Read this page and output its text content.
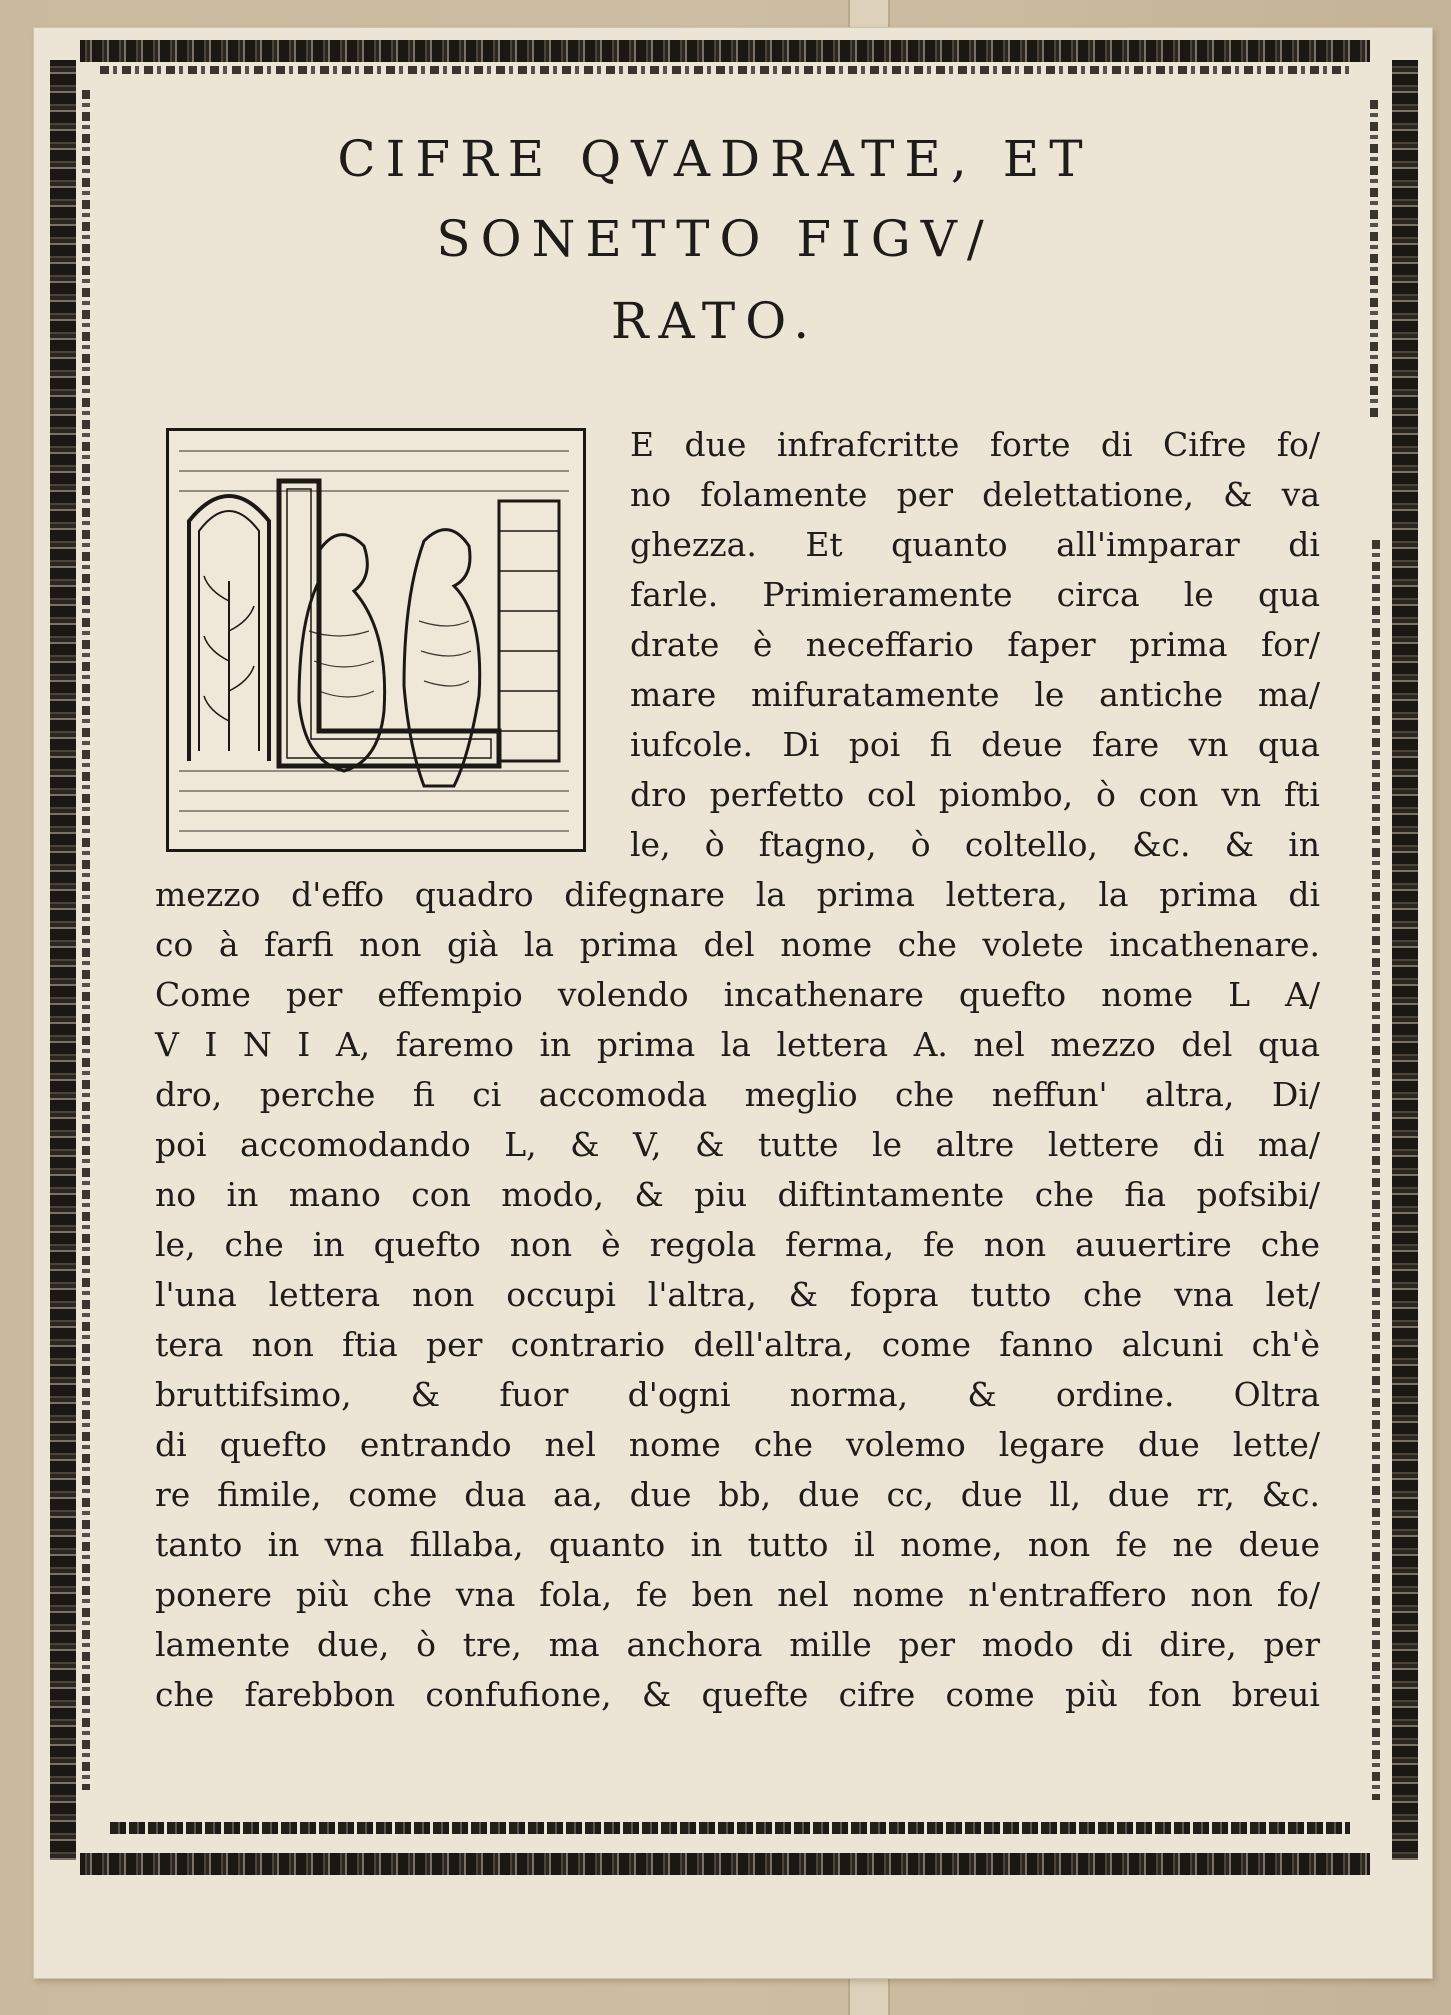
CIFRE QVADRATE, ET
SONETTO FIGV/
RATO.
E due infrafcritte forte di Cifre fo/
no folamente per delettatione, & va
ghezza. Et quanto all'imparar di
farle. Primieramente circa le qua
drate è neceffario faper prima for/
mare mifuratamente le antiche ma/
iufcole. Di poi fi deue fare vn qua
dro perfetto col piombo, ò con vn fti
le, ò ftagno, ò coltello, &c. & in
mezzo d'effo quadro difegnare la prima lettera, la prima di
co à farfi non già la prima del nome che volete incathenare.
Come per effempio volendo incathenare quefto nome L A/
V I N I A, faremo in prima la lettera A. nel mezzo del qua
dro, perche fi ci accomoda meglio che neffun' altra, Di/
poi accomodando L, & V, & tutte le altre lettere di ma/
no in mano con modo, & piu diftintamente che fia pofsibi/
le, che in quefto non è regola ferma, fe non auuertire che
l'una lettera non occupi l'altra, & fopra tutto che vna let/
tera non ftia per contrario dell'altra, come fanno alcuni ch'è
bruttifsimo, & fuor d'ogni norma, & ordine. Oltra
di quefto entrando nel nome che volemo legare due lette/
re fimile, come dua aa, due bb, due cc, due ll, due rr, &c.
tanto in vna fillaba, quanto in tutto il nome, non fe ne deue
ponere più che vna fola, fe ben nel nome n'entraffero non fo/
lamente due, ò tre, ma anchora mille per modo di dire, per
che farebbon confufione, & quefte cifre come più fon breui
